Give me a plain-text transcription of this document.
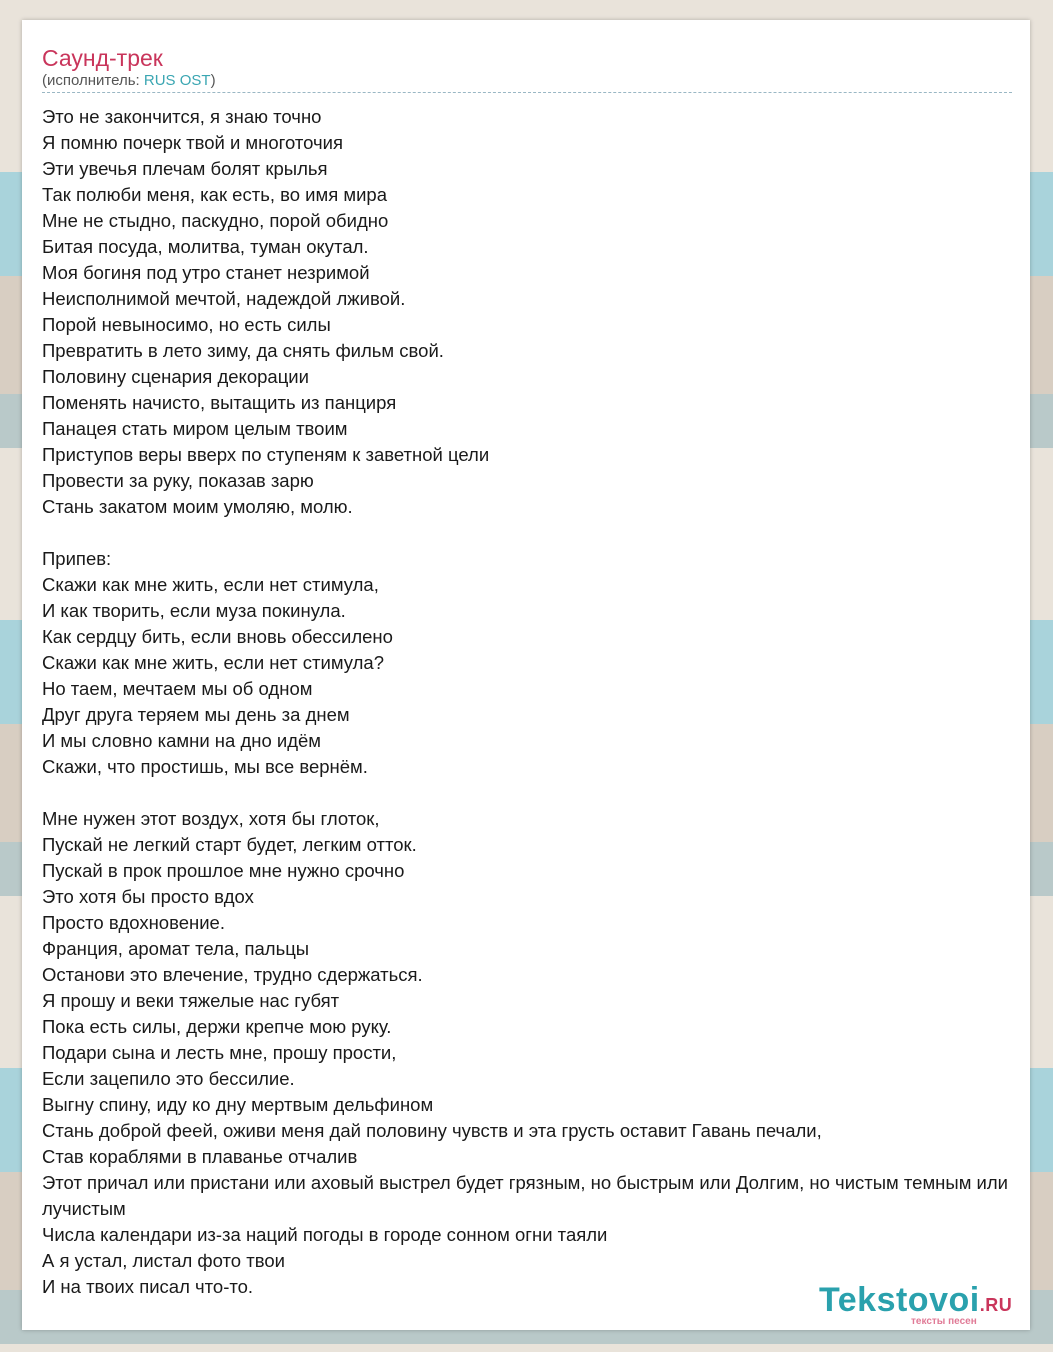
Саунд-трек
(исполнитель: RUS OST)
Это не закончится, я знаю точно
Я помню почерк твой и многоточия
Эти увечья плечам болят крылья
Так полюби меня, как есть, во имя мира
Мне не стыдно, паскудно, порой обидно
Битая посуда, молитва, туман окутал.
Моя богиня под утро станет незримой
Неисполнимой мечтой, надеждой лживой.
Порой невыносимо, но есть силы
Превратить в лето зиму, да снять фильм свой.
Половину сценария декорации
Поменять начисто, вытащить из панциря
Панацея стать миром целым твоим
Приступов веры вверх по ступеням к заветной цели
Провести за руку, показав зарю
Стань закатом моим умоляю, молю.
Припев:
Скажи как мне жить, если нет стимула,
И как творить, если муза покинула.
Как сердцу бить, если вновь обессилено
Скажи как мне жить, если нет стимула?
Но таем, мечтаем мы об одном
Друг друга теряем мы день за днем
И мы словно камни на дно идём
Скажи, что простишь, мы все вернём.
Мне нужен этот воздух, хотя бы глоток,
Пускай не легкий старт будет, легким отток.
Пускай в прок прошлое мне нужно срочно
Это хотя бы просто вдох
Просто вдохновение.
Франция, аромат тела, пальцы
Останови это влечение, трудно сдержаться.
Я прошу и веки тяжелые нас губят
Пока есть силы, держи крепче мою руку.
Подари сына и лесть мне, прошу прости,
Если зацепило это бессилие.
Выгну спину, иду ко дну мертвым дельфином
Стань доброй феей, оживи меня дай половину чувств и эта грусть оставит Гавань печали,
Став кораблями в плаванье отчалив
Этот причал или пристани или аховый выстрел будет грязным, но быстрым или Долгим, но чистым темным или лучистым
Числа календари из-за наций погоды в городе сонном огни таяли
А я устал, листал фото твои
И на твоих писал что-то.	Tekstovoi.RU
тексты песен
